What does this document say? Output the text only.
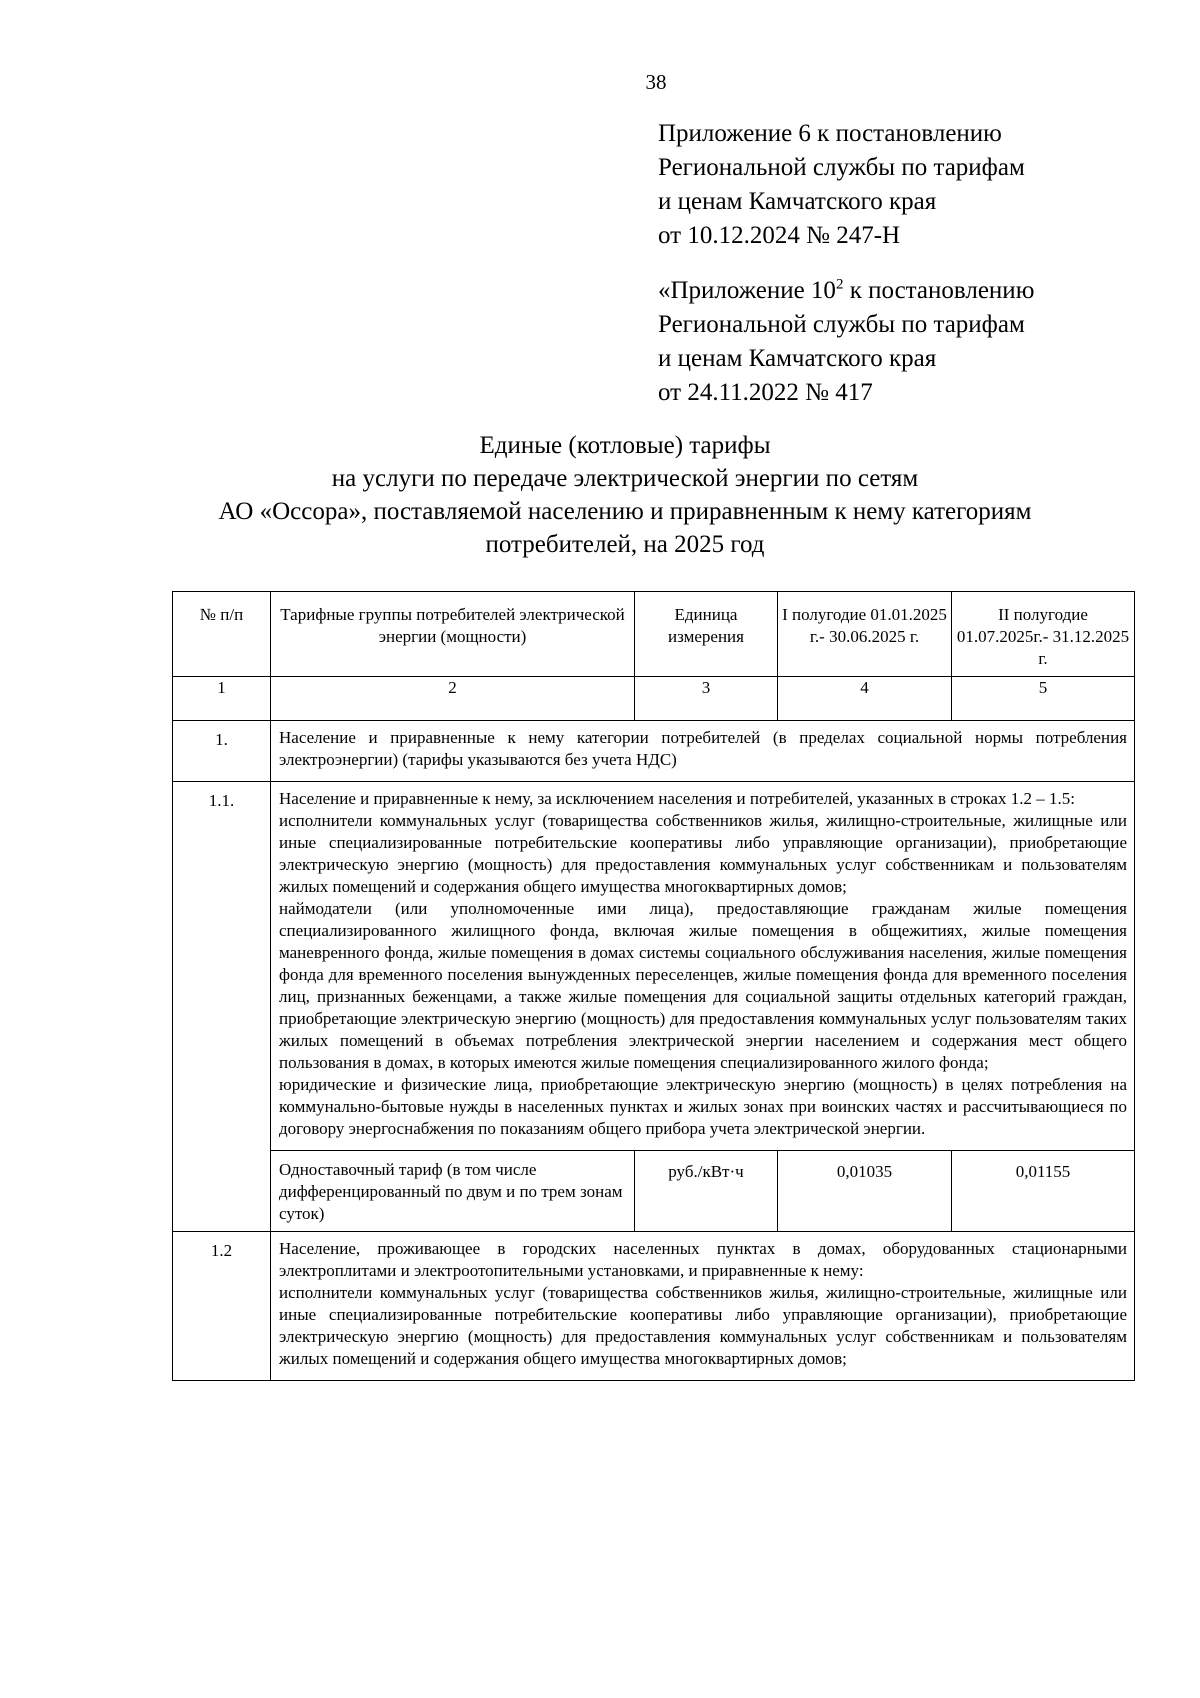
38
Приложение 6 к постановлению
Региональной службы по тарифам
и ценам Камчатского края
от 10.12.2024 № 247-Н
«Приложение $10^2$ к постановлению
Региональной службы по тарифам
и ценам Камчатского края
от 24.11.2022 № 417
Единые (котловые) тарифы
на услуги по передаче электрической энергии по сетям
АО «Оссора», поставляемой населению и приравненным к нему категориям
потребителей, на 2025 год
№ п/п	Тарифные группы потребителей электрической энергии (мощности)	Единица измерения	I полугодие 01.01.2025 г.- 30.06.2025 г.	II полугодие 01.07.2025г.- 31.12.2025 г.
1	2	3	4	5
1.	Население и приравненные к нему категории потребителей (в пределах социальной нормы потребления электроэнергии) (тарифы указываются без учета НДС)			
1.1.	Население и приравненные к нему, за исключением населения и потребителей, указанных в строках 1.2 – 1.5:

исполнители коммунальных услуг (товарищества собственников жилья, жилищно-строительные, жилищные или иные специализированные потребительские кооперативы либо управляющие организации), приобретающие электрическую энергию (мощность) для предоставления коммунальных услуг собственникам и пользователям жилых помещений и содержания общего имущества многоквартирных домов;

наймодатели (или уполномоченные ими лица), предоставляющие гражданам жилые помещения специализированного жилищного фонда, включая жилые помещения в общежитиях, жилые помещения маневренного фонда, жилые помещения в домах системы социального обслуживания населения, жилые помещения фонда для временного поселения вынужденных переселенцев, жилые помещения фонда для временного поселения лиц, признанных беженцами, а также жилые помещения для социальной защиты отдельных категорий граждан, приобретающие электрическую энергию (мощность) для предоставления коммунальных услуг пользователям таких жилых помещений в объемах потребления электрической энергии населением и содержания мест общего пользования в домах, в которых имеются жилые помещения специализированного жилого фонда;

юридические и физические лица, приобретающие электрическую энергию (мощность) в целях потребления на коммунально-бытовые нужды в населенных пунктах и жилых зонах при воинских частях и рассчитывающиеся по договору энергоснабжения по показаниям общего прибора учета электрической энергии.			

	Одноставочный тариф (в том числе дифференцированный по двум и по трем зонам суток)	руб./кВт·ч	0,01035	0,01155
1.2	Население, проживающее в городских населенных пунктах в домах, оборудованных стационарными электроплитами и электроотопительными установками, и приравненные к нему:

исполнители коммунальных услуг (товарищества собственников жилья, жилищно-строительные, жилищные или иные специализированные потребительские кооперативы либо управляющие организации), приобретающие электрическую энергию (мощность) для предоставления коммунальных услуг собственникам и пользователям жилых помещений и содержания общего имущества многоквартирных домов;			
